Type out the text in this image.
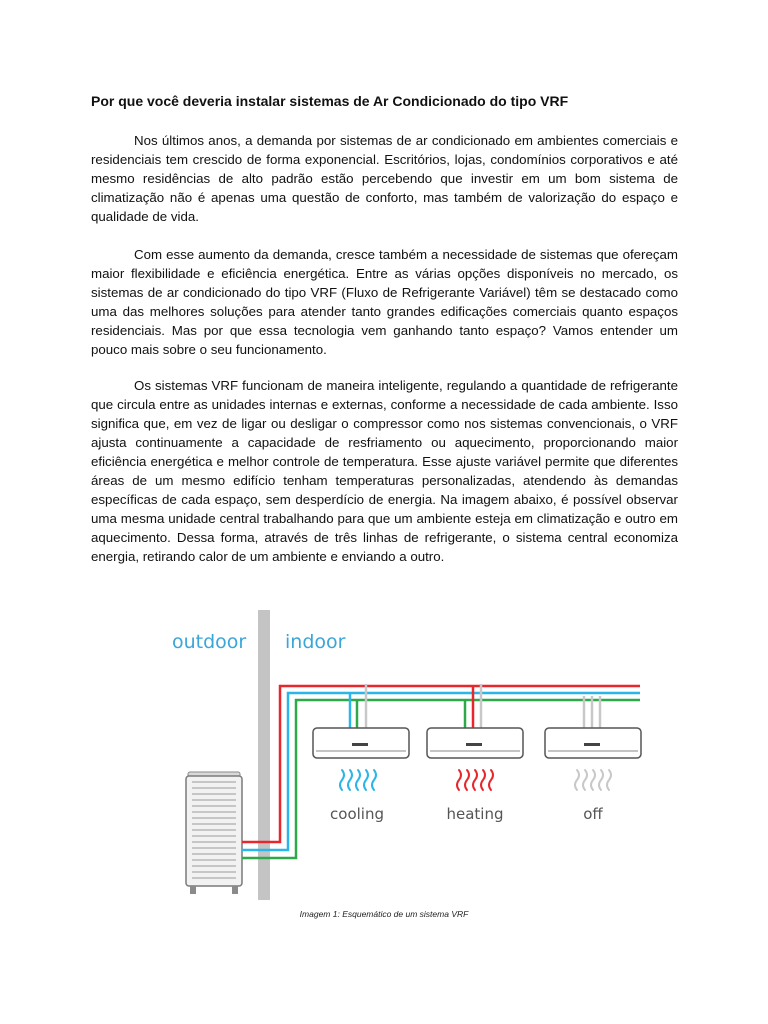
Por que você deveria instalar sistemas de Ar Condicionado do tipo VRF

Nos últimos anos, a demanda por sistemas de ar condicionado em ambientes comerciais e residenciais tem crescido de forma exponencial. Escritórios, lojas, condomínios corporativos e até mesmo residências de alto padrão estão percebendo que investir em um bom sistema de climatização não é apenas uma questão de conforto, mas também de valorização do espaço e qualidade de vida.

Com esse aumento da demanda, cresce também a necessidade de sistemas que ofereçam maior flexibilidade e eficiência energética. Entre as várias opções disponíveis no mercado, os sistemas de ar condicionado do tipo VRF (Fluxo de Refrigerante Variável) têm se destacado como uma das melhores soluções para atender tanto grandes edificações comerciais quanto espaços residenciais. Mas por que essa tecnologia vem ganhando tanto espaço? Vamos entender um pouco mais sobre o seu funcionamento.

Os sistemas VRF funcionam de maneira inteligente, regulando a quantidade de refrigerante que circula entre as unidades internas e externas, conforme a necessidade de cada ambiente. Isso significa que, em vez de ligar ou desligar o compressor como nos sistemas convencionais, o VRF ajusta continuamente a capacidade de resfriamento ou aquecimento, proporcionando maior eficiência energética e melhor controle de temperatura. Esse ajuste variável permite que diferentes áreas de um mesmo edifício tenham temperaturas personalizadas, atendendo às demandas específicas de cada espaço, sem desperdício de energia. Na imagem abaixo, é possível observar uma mesma unidade central trabalhando para que um ambiente esteja em climatização e outro em aquecimento. Dessa forma, através de três linhas de refrigerante, o sistema central economiza energia, retirando calor de um ambiente e enviando a outro.

outdoor indoor
cooling	heating	off

Imagem 1: Esquemático de um sistema VRF
